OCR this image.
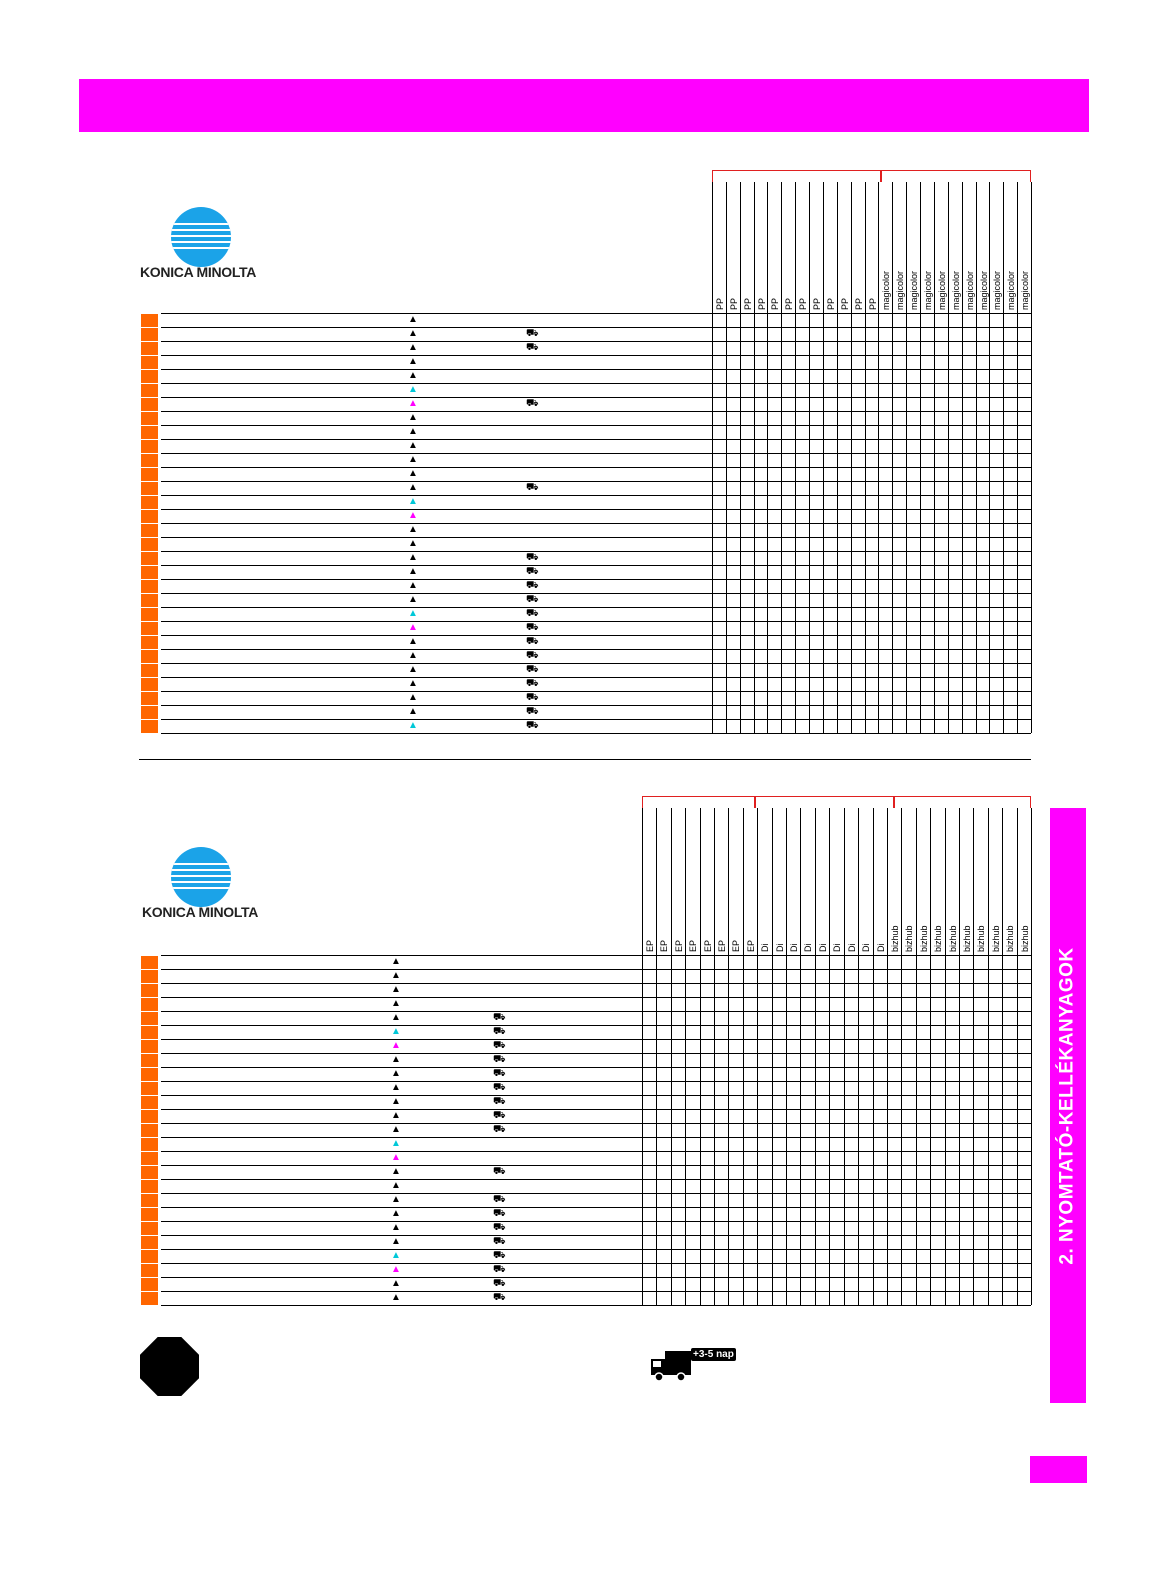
KONICA MINOLTA
KONICA MINOLTA
PP PP PP PP PP PP PP PP PP PP PP PP magicolor magicolor magicolor magicolor magicolor magicolor magicolor magicolor magicolor magicolor magicolor
▲
▲	⛟
▲	⛟
▲
▲
▲
▲	⛟
▲
▲
▲
▲
▲
▲	⛟
▲
▲
▲
▲
▲	⛟
▲	⛟
▲	⛟
▲	⛟
▲	⛟
▲	⛟
▲	⛟
▲	⛟
▲	⛟
▲	⛟
▲	⛟
▲	⛟
▲	⛟
EP EP EP EP EP EP EP EP Di Di Di Di Di Di Di Di Di bizhub bizhub bizhub bizhub bizhub bizhub bizhub bizhub bizhub bizhub
▲
▲
▲
▲
▲	⛟
▲	⛟
▲	⛟
▲	⛟
▲	⛟
▲	⛟
▲	⛟
▲	⛟
▲	⛟
▲
▲
▲	⛟
▲
▲	⛟
▲	⛟
▲	⛟
▲	⛟
▲	⛟
▲	⛟
▲	⛟
▲	⛟
2. NYOMTATÓ-KELLÉKANYAGOK
+3-5 nap
